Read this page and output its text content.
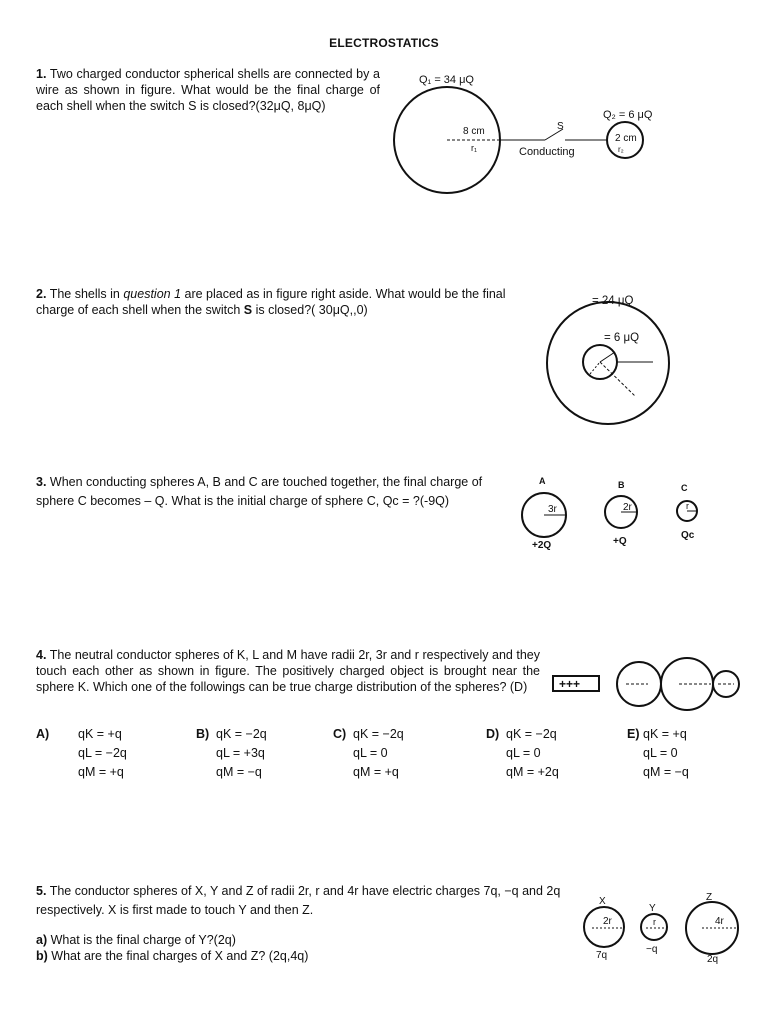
ELECTROSTATICS
1. Two charged conductor spherical shells are connected by a wire as shown in figure. What would be the final charge of each shell when the switch S is closed?(32μQ, 8μQ)
Q₁ = 34 μQ
8 cm
r₁
S
Conducting
Q₂ = 6 μQ
2 cm
r₂
2. The shells in question 1 are placed as in figure right aside. What would be the final charge of each shell when the switch S is closed?( 30μQ,,0)
= 24 μQ
= 6 μQ
3. When conducting spheres A, B and C are touched together, the final charge of sphere C becomes – Q. What is the initial charge of sphere C, Qc = ?(-9Q)
A
3r
+2Q
B
2r
+Q
C
r
Qc
4. The neutral conductor spheres of K, L and M have radii 2r, 3r and r respectively and they touch each other as shown in figure. The positively charged object is brought near the sphere K. Which one of the followings can be true charge distribution of the spheres? (D)	+++
A) qK = +q
qL = −2q
qM = +q
B) qK = −2q
qL = +3q
qM = −q
C) qK = −2q
qL = 0
qM = +q
D) qK = −2q
qL = 0
qM = +2q
E) qK = +q
qL = 0
qM = −q
5. The conductor spheres of X, Y and Z of radii 2r, r and 4r have electric charges 7q, −q and 2q respectively. X is first made to touch Y and then Z.
a) What is the final charge of Y?(2q)
b) What are the final charges of X and Z? (2q,4q)
X
2r
7q
Y
r
−q
Z
4r
2q
